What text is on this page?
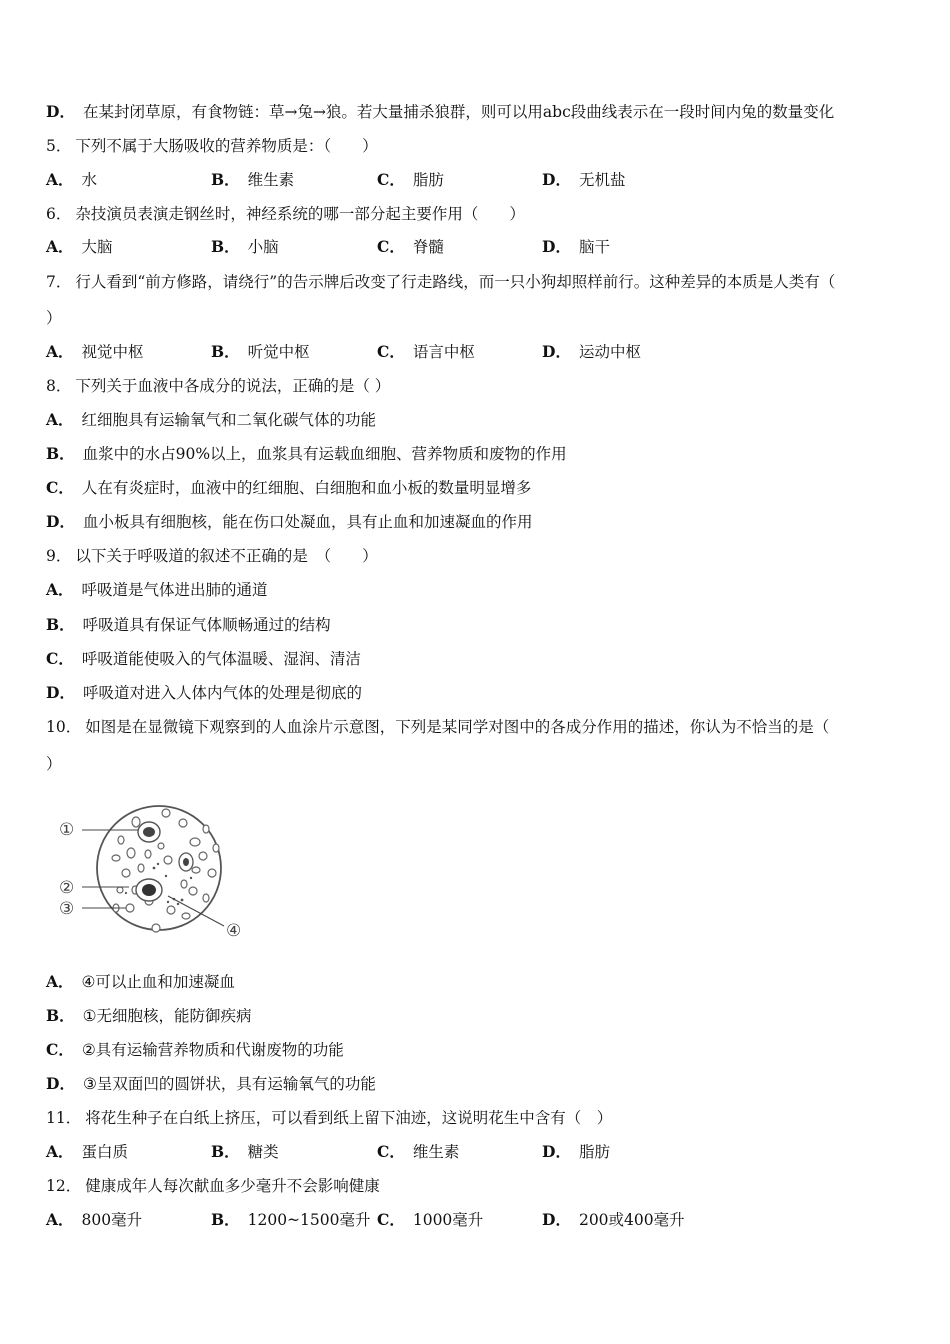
D． 在某封闭草原，有食物链：草→兔→狼。若大量捕杀狼群，则可以用abc段曲线表示在一段时间内兔的数量变化
5． 下列不属于大肠吸收的营养物质是：（　　）
A． 水	B． 维生素	C． 脂肪	D． 无机盐
6． 杂技演员表演走钢丝时，神经系统的哪一部分起主要作用（　　）
A． 大脑	B． 小脑	C． 脊髓	D． 脑干
7． 行人看到“前方修路，请绕行”的告示牌后改变了行走路线，而一只小狗却照样前行。这种差异的本质是人类有（
）
A． 视觉中枢	B． 听觉中枢	C． 语言中枢	D． 运动中枢
8． 下列关于血液中各成分的说法，正确的是（ ）
A． 红细胞具有运输氧气和二氧化碳气体的功能
B． 血浆中的水占90%以上，血浆具有运载血细胞、营养物质和废物的作用
C． 人在有炎症时，血液中的红细胞、白细胞和血小板的数量明显增多
D． 血小板具有细胞核，能在伤口处凝血，具有止血和加速凝血的作用
9． 以下关于呼吸道的叙述不正确的是　（　　）
A． 呼吸道是气体进出肺的通道
B． 呼吸道具有保证气体顺畅通过的结构
C． 呼吸道能使吸入的气体温暖、湿润、清洁
D． 呼吸道对进入人体内气体的处理是彻底的
10． 如图是在显微镜下观察到的人血涂片示意图，下列是某同学对图中的各成分作用的描述，你认为不恰当的是（
）
①
②
③
④
A． ④可以止血和加速凝血
B． ①无细胞核，能防御疾病
C． ②具有运输营养物质和代谢废物的功能
D． ③呈双面凹的圆饼状，具有运输氧气的功能
11． 将花生种子在白纸上挤压，可以看到纸上留下油迹，这说明花生中含有（　）
A． 蛋白质	B． 糖类	C． 维生素	D． 脂肪
12． 健康成年人每次献血多少毫升不会影响健康
A． 800毫升	B． 1200~1500毫升 C． 1000毫升	D． 200或400毫升
